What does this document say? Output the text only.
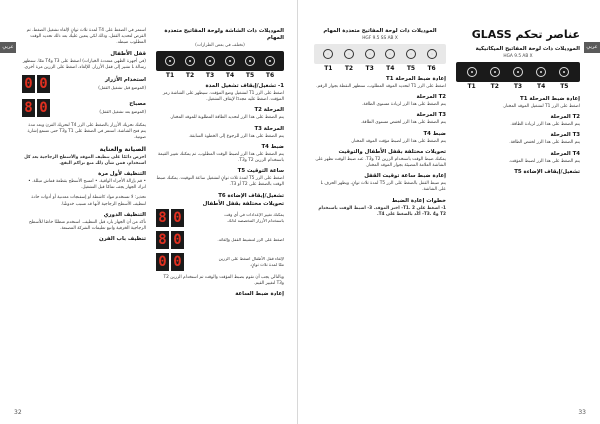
عربي
استمر في الضغط على T4 لمدة ثلاث ثوانٍ لإلغاء تشغيل الضغط. ثم القرص لتحديد القفل، وذلك لكي يتعين عليك بعد ذلك تحديد الوقت المطلوب ضبطه.
قفل الأطفال
(في أجهزة الطهي متعددة الخيارات) اضغط على T3 وT4 معًا. ستظهر رسالة L تشير إلى قفل الأزرار. للإلغاء، اضغط على الزرين مرة أخرى.
0 0	استخدام الأزرار
(الموضع قبل تشغيل القفل)
8 0	مصباح
(الموضع بعد تشغيل القفل)
يمكنك تحريك الأزرار بالضغط على الزر T4 لتحريك الفرن وبعد مدة يتم فتح الشاشة. استمر في الضغط على T1 وT3 حتى تسمع إشارة صوتية.
الصيانة والعناية
احرص دائمًا على تنظيف الموقد والأسطح الزجاجية بعد كل استخدام، فمن شأن ذلك منع تراكم البقع.
التنظيف لأول مرة
• قم بإزالة الأجزاء الواقية. • امسح الأسطح بقطعة قماش مبللة. • اترك الجهاز يجف تمامًا قبل التشغيل.
تحذير: لا تستخدم مواد كاشطة أو إسفنجات معدنية أو أدوات حادة لتنظيف الأسطح الزجاجية لأنها قد تسبب خدوشًا.
التنظيف الدوري
تأكد من أن الجهاز بارد قبل التنظيف. استخدم منظفًا خاصًا للأسطح الزجاجية الخزفية واتبع تعليمات الشركة المصنعة.
تنظيف باب الفرن
الموديلات ذات الشاشة ولوحة المفاتيح متعددة المهام
(تختلف في بعض الطرازات)
T1 T2 T3 T4 T5 T6
1- تشغيل/إيقاف تشغيل المدة
اضغط على الزر T1 لتشغيل وضع المؤقت. سيظهر على الشاشة رمز المؤقت. اضغط عليه مجددًا لإيقاف التشغيل.
المرحلة T2
يتم الضغط على هذا الزر لتحديد الطاقة المطلوبة للموقد المختار.
المرحلة T3
يتم الضغط على هذا الزر للرجوع إلى الخطوة السابقة.
ضبط T4
يتم الضغط على هذا الزر لضبط الوقت المطلوب، ثم يمكنك تغيير القيمة باستخدام الزرين T2 وT3.
ساعة التوقيت T5
اضغط على الزر T5 لمدة ثلاث ثوانٍ لتشغيل ساعة التوقيت. يمكنك ضبط الوقت بالضغط على T2 أو T3.
تشغيل/إيقاف الإضاءة T6
تحويلات مختلفة بقفل الأطفال
8 0	يمكنك تغيير الإعدادات في أي وقت باستخدام الأزرار المخصصة لذلك.
8 0	اضغط على الزر لتنشيط القفل وإلغائه.
0 0	لإلغاء قفل الأطفال اضغط على الزرين معًا لمدة ثلاث ثوانٍ.
وبالتالي يجب أن تقوم بضبط المؤقت والوقت ثم استخدام الزرين T2 وT3 لتغيير القيم.
إعادة ضبط الساعة
32
عربي
الموديلات ذات لوحة المفاتيح متعددة المهام
HGF 9.5 SS AB X
T1 T2 T3 T4 T5 T6
إعادة ضبط المرحلة T1
اضغط على الزر T1 لتحديد الموقد المطلوب، ستظهر النقطة بجوار الرقم.
T2 المرحلة
يتم الضغط على هذا الزر لزيادة مستوى الطاقة.
T3 المرحلة
يتم الضغط على هذا الزر لخفض مستوى الطاقة.
ضبط T4
يتم الضغط على هذا الزر لضبط مؤقت الموقد المختار.
تحويلات مختلفة بقفل الأطفال والتوقيت
يمكنك ضبط الوقت باستخدام الزرين T2 وT3. عند ضبط الوقت تظهر على الشاشة العلامة المضيئة بجوار الموقد المختار.
إعادة ضبط ساعة توقيت القفل
يتم ضبط القفل بالضغط على الزر T5 لمدة ثلاث ثوانٍ، ويظهر الحرف L على الشاشة.
خطوات إعادة الضبط
1- اضغط على T1. 2- اختر الموقد. 3- اضبط الوقت باستخدام T2 وT3. 4- أكّد بالضغط على T4.
عناصر تحكم GLASS
الموديلات ذات لوحة المفاتيح الميكانيكية
HGA 9.5 AB X
T1 T2 T3 T4 T5
إعادة ضبط المرحلة T1
اضغط على الزر T1 لتشغيل الموقد المختار.
T2 المرحلة
يتم الضغط على هذا الزر لزيادة الطاقة.
T3 المرحلة
يتم الضغط على هذا الزر لخفض الطاقة.
T4 المرحلة
يتم الضغط على هذا الزر لضبط المؤقت.
تشغيل/إيقاف الإضاءة T5
33
